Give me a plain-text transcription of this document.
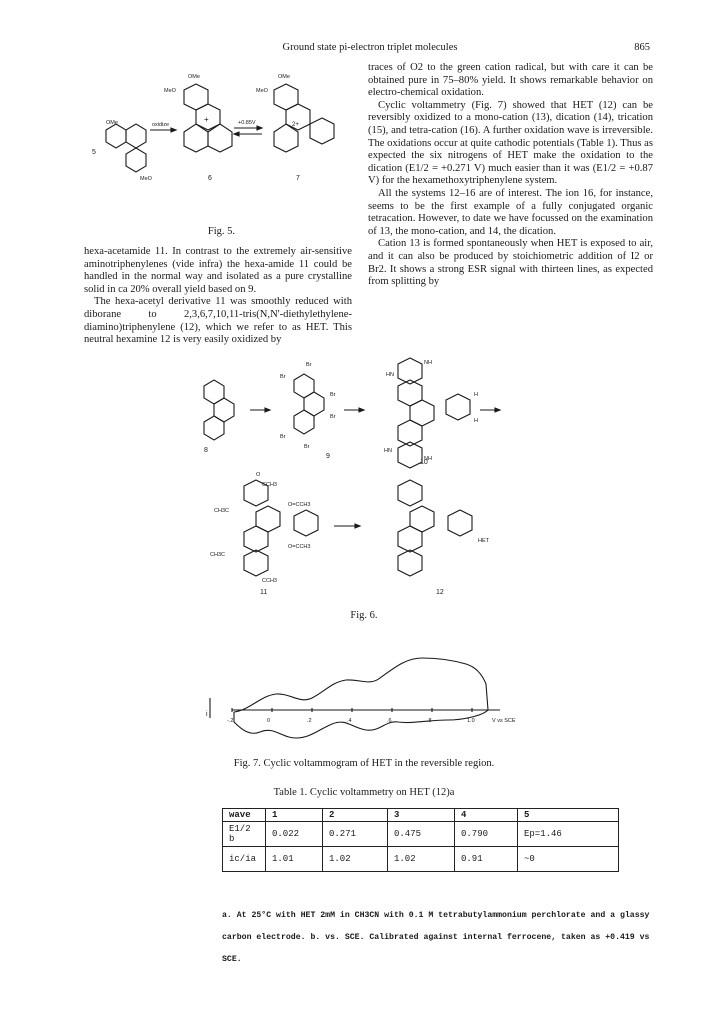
Ground state pi-electron triplet molecules	865
OMe
MeO
5
oxidize
OMe
MeO
+
6
+0.85V
OMe
MeO
2+
7
Fig. 5.

hexa-acetamide 11. In contrast to the extremely air-sensitive aminotriphenylenes (vide infra) the hexa-amide 11 could be handled in the normal way and isolated as a pure crystalline solid in ca 20% overall yield based on 9.

The hexa-acetyl derivative 11 was smoothly reduced with diborane to 2,3,6,7,10,11-tris(N,N'-diethylethylene-diamino)triphenylene (12), which we refer to as HET. This neutral hexamine 12 is very easily oxidized by

traces of O2 to the green cation radical, but with care it can be obtained pure in 75–80% yield. It shows remarkable behavior on electro-chemical oxidation.

Cyclic voltammetry (Fig. 7) showed that HET (12) can be reversibly oxidized to a mono-cation (13), dication (14), trication (15), and tetra-cation (16). A further oxidation wave is irreversible. The oxidations occur at quite cathodic potentials (Table 1). Thus as expected the six nitrogens of HET make the oxidation to the dication (E1/2 = +0.271 V) much easier than it was (E1/2 = +0.87 V) for the hexamethoxytriphenylene system.

All the systems 12–16 are of interest. The ion 16, for instance, seems to be the first example of a fully conjugated organic tetracation. However, to date we have focussed on the examination of 13, the mono-cation, and 14, the dication.

Cation 13 is formed spontaneously when HET is exposed to air, and it can also be produced by stoichiometric addition of I2 or Br2. It shows a strong ESR signal with thirteen lines, as expected from splitting by

8
Br
Br
Br
Br
Br
Br
9
NH
HN
H
H
HN
NH
10
O
CCH3
CH3C
O=CCH3
O=CCH3
CH3C
CCH3
11
HET
12
Fig. 6.
i
-.2	0	.2	.4	.6	.8	1.0	V vs SCE
Fig. 7. Cyclic voltammogram of HET in the reversible region.
Table 1. Cyclic voltammetry on HET (12)a
wave	1	2	3	4	5
E1/2 b	0.022	0.271	0.475	0.790	Ep=1.46
ic/ia	1.01	1.02	1.02	0.91	~0
a. At 25°C with HET 2mM in CH3CN with 0.1 M tetrabutylammonium perchlorate and a glassy carbon electrode. b. vs. SCE. Calibrated against internal ferrocene, taken as +0.419 vs SCE.
